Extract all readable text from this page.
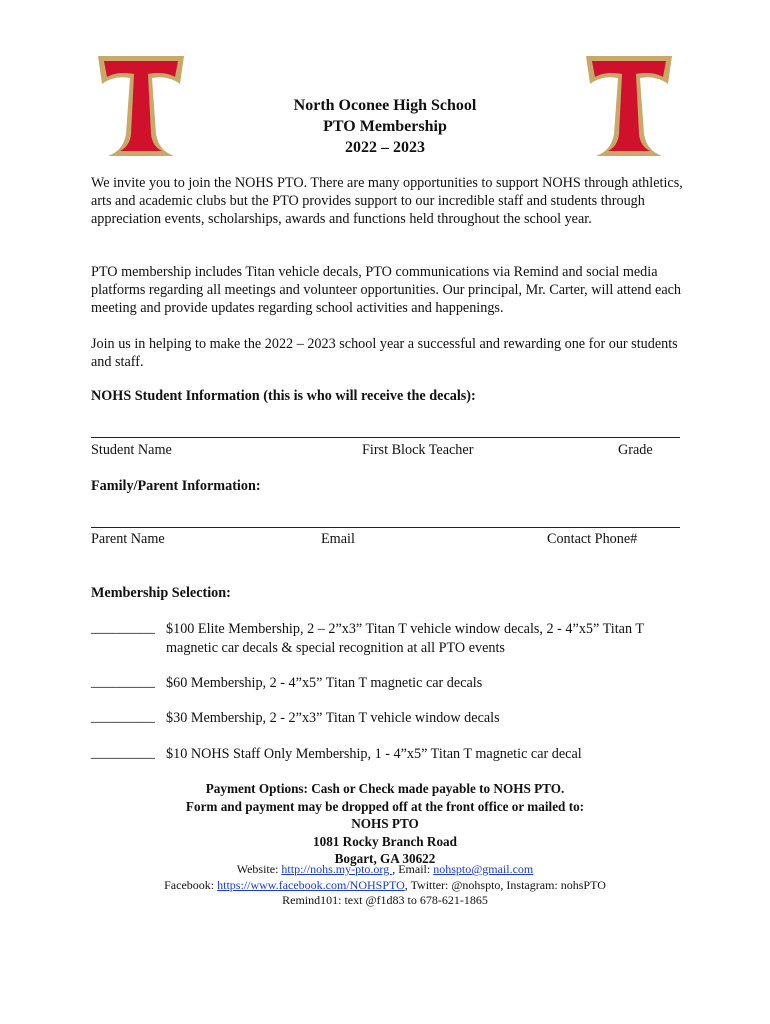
North Oconee High School
PTO Membership
2022 – 2023
We invite you to join the NOHS PTO. There are many opportunities to support NOHS through athletics, arts and academic clubs but the PTO provides support to our incredible staff and students through appreciation events, scholarships, awards and functions held throughout the school year.
PTO membership includes Titan vehicle decals, PTO communications via Remind and social media platforms regarding all meetings and volunteer opportunities. Our principal, Mr. Carter, will attend each meeting and provide updates regarding school activities and happenings.
Join us in helping to make the 2022 – 2023 school year a successful and rewarding one for our students and staff.
NOHS Student Information (this is who will receive the decals):
Student Name	First Block Teacher	Grade
Family/Parent Information:
Parent Name	Email	Contact Phone#
Membership Selection:
_________ $100 Elite Membership, 2 – 2”x3” Titan T vehicle window decals, 2 - 4”x5” Titan T magnetic car decals & special recognition at all PTO events
_________ $60 Membership, 2 - 4”x5” Titan T magnetic car decals
_________ $30 Membership, 2 - 2”x3” Titan T vehicle window decals
_________ $10 NOHS Staff Only Membership, 1 - 4”x5” Titan T magnetic car decal
Payment Options: Cash or Check made payable to NOHS PTO.
Form and payment may be dropped off at the front office or mailed to:
NOHS PTO
1081 Rocky Branch Road
Bogart, GA 30622
Website: http://nohs.my-pto.org , Email: nohspto@gmail.com
Facebook: https://www.facebook.com/NOHSPTO, Twitter: @nohspto, Instagram: nohsPTO
Remind101: text @f1d83 to 678-621-1865
